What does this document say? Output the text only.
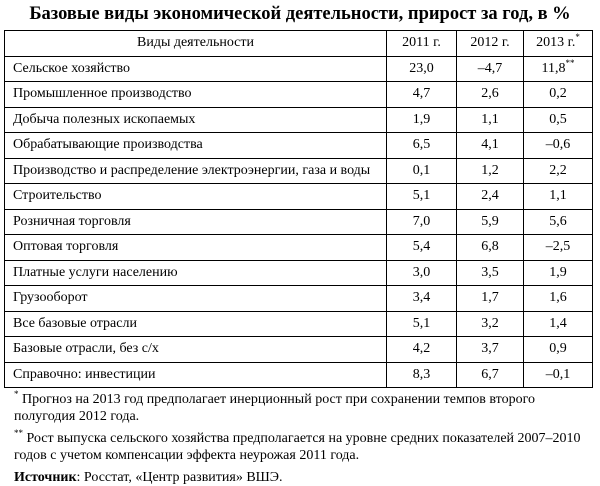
Базовые виды экономической деятельности, прирост за год, в %
Виды деятельности	2011 г.	2012 г.	2013 г.*
Сельское хозяйство	23,0	–4,7	11,8**
Промышленное производство	4,7	2,6	0,2
Добыча полезных ископаемых	1,9	1,1	0,5
Обрабатывающие производства	6,5	4,1	–0,6
Производство и распределение электроэнергии, газа и воды	0,1	1,2	2,2
Строительство	5,1	2,4	1,1
Розничная торговля	7,0	5,9	5,6
Оптовая торговля	5,4	6,8	–2,5
Платные услуги населению	3,0	3,5	1,9
Грузооборот	3,4	1,7	1,6
Все базовые отрасли	5,1	3,2	1,4
Базовые отрасли, без с/х	4,2	3,7	0,9
Справочно: инвестиции	8,3	6,7	–0,1

* Прогноз на 2013 год предполагает инерционный рост при сохранении темпов второго полугодия 2012 года.

** Рост выпуска сельского хозяйства предполагается на уровне средних показателей 2007–2010 годов с учетом компенсации эффекта неурожая 2011 года.

Источник: Росстат, «Центр развития» ВШЭ.
